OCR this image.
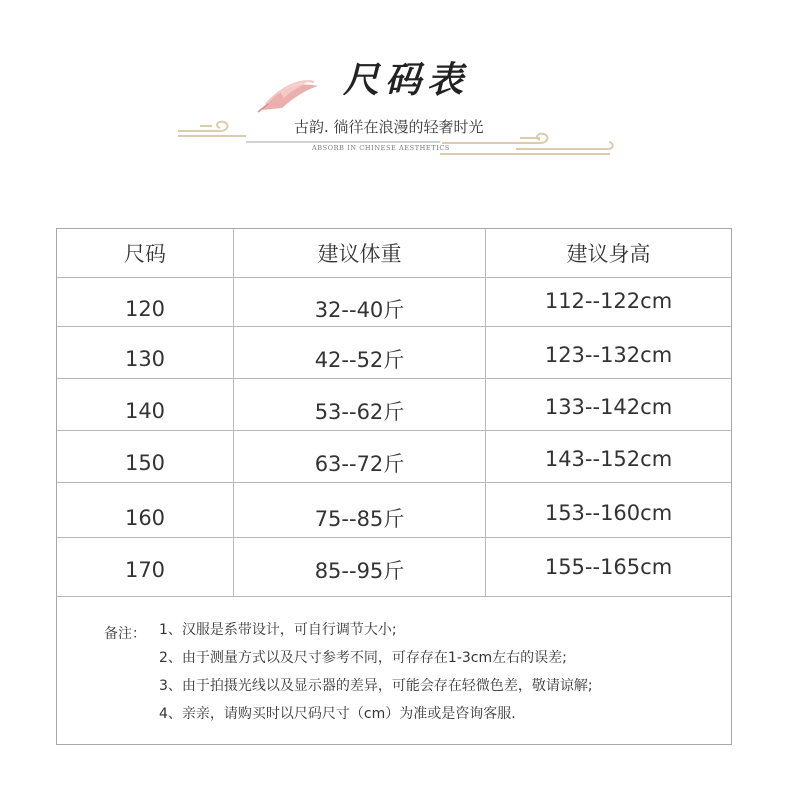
尺码表
古韵. 徜徉在浪漫的轻奢时光
ABSORB IN CHINESE AESTHETICS
尺码	建议体重	建议身高
120	32--40斤	112--122cm
130	42--52斤	123--132cm
140	53--62斤	133--142cm
150	63--72斤	143--152cm
160	75--85斤	153--160cm
170	85--95斤	155--165cm
备注： 1、汉服是系带设计，可自行调节大小;
2、由于测量方式以及尺寸参考不同，可存存在1-3cm左右的误差;
3、由于拍摄光线以及显示器的差异，可能会存在轻微色差，敬请谅解;
4、亲亲，请购买时以尺码尺寸（cm）为准或是咨询客服.
